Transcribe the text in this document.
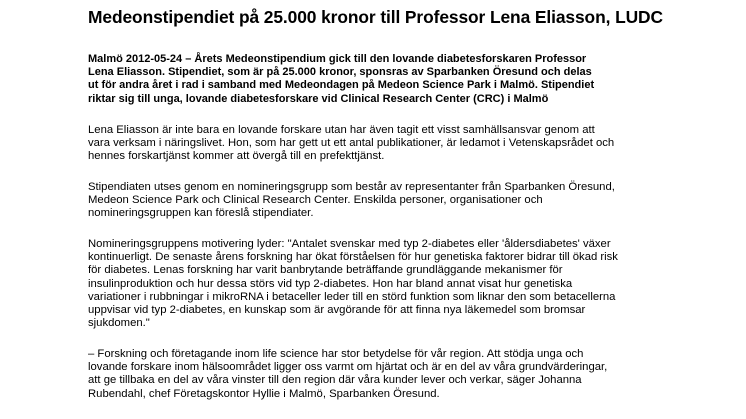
Medeonstipendiet på 25.000 kronor till Professor Lena Eliasson, LUDC

Malmö 2012-05-24 – Årets Medeonstipendium gick till den lovande diabetesforskaren Professor
Lena Eliasson. Stipendiet, som är på 25.000 kronor, sponsras av Sparbanken Öresund och delas
ut för andra året i rad i samband med Medeondagen på Medeon Science Park i Malmö. Stipendiet
riktar sig till unga, lovande diabetesforskare vid Clinical Research Center (CRC) i Malmö

Lena Eliasson är inte bara en lovande forskare utan har även tagit ett visst samhällsansvar genom att
vara verksam i näringslivet. Hon, som har gett ut ett antal publikationer, är ledamot i Vetenskapsrådet och
hennes forskartjänst kommer att övergå till en prefekttjänst.

Stipendiaten utses genom en nomineringsgrupp som består av representanter från Sparbanken Öresund,
Medeon Science Park och Clinical Research Center. Enskilda personer, organisationer och
nomineringsgruppen kan föreslå stipendiater.

Nomineringsgruppens motivering lyder: "Antalet svenskar med typ 2-diabetes eller 'åldersdiabetes' växer
kontinuerligt. De senaste årens forskning har ökat förståelsen för hur genetiska faktorer bidrar till ökad risk
för diabetes. Lenas forskning har varit banbrytande beträffande grundläggande mekanismer för
insulinproduktion och hur dessa störs vid typ 2-diabetes. Hon har bland annat visat hur genetiska
variationer i rubbningar i mikroRNA i betaceller leder till en störd funktion som liknar den som betacellerna
uppvisar vid typ 2-diabetes, en kunskap som är avgörande för att finna nya läkemedel som bromsar
sjukdomen."

– Forskning och företagande inom life science har stor betydelse för vår region. Att stödja unga och
lovande forskare inom hälsoområdet ligger oss varmt om hjärtat och är en del av våra grundvärderingar,
att ge tillbaka en del av våra vinster till den region där våra kunder lever och verkar, säger Johanna
Rubendahl, chef Företagskontor Hyllie i Malmö, Sparbanken Öresund.
